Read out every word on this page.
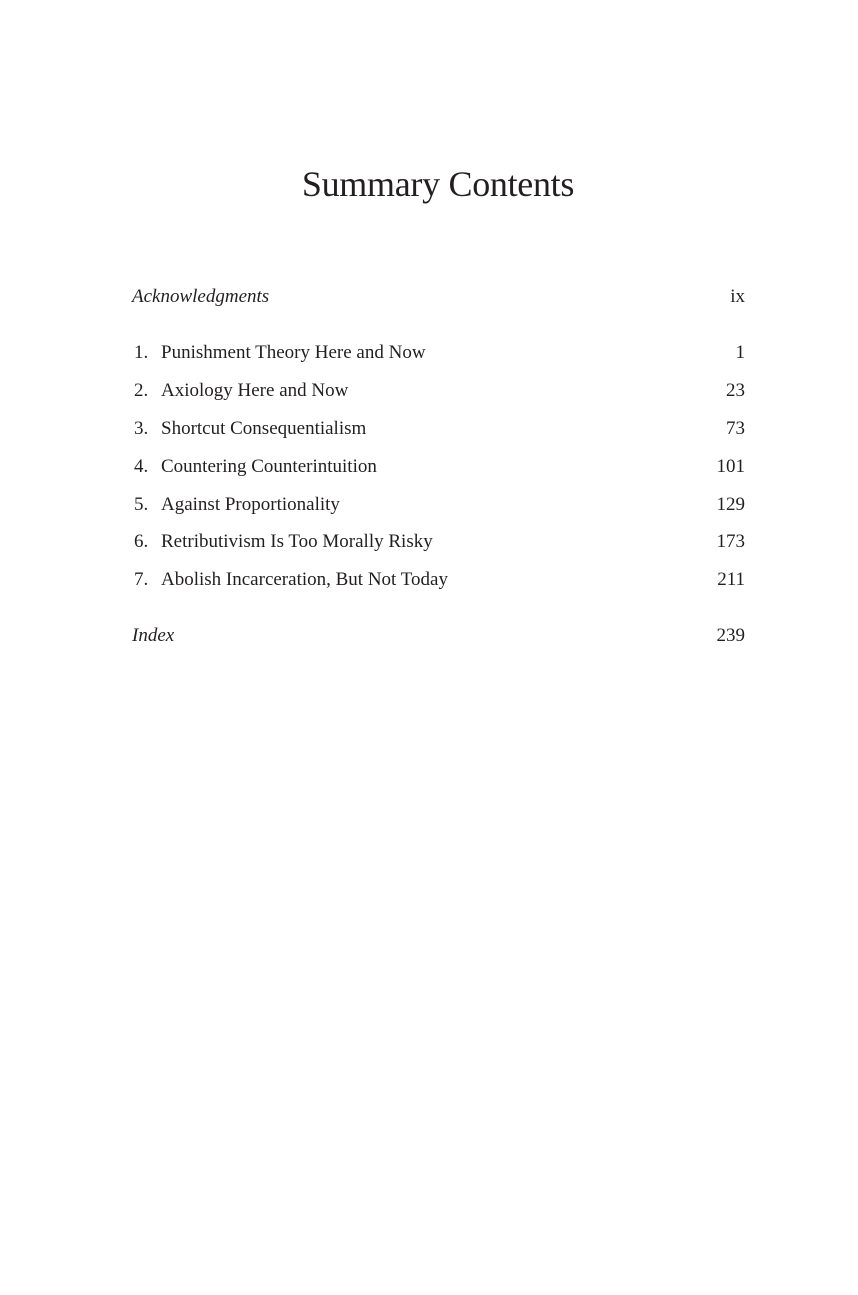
Summary Contents
Acknowledgments	ix
1. Punishment Theory Here and Now	1
2. Axiology Here and Now	23
3. Shortcut Consequentialism	73
4. Countering Counterintuition	101
5. Against Proportionality	129
6. Retributivism Is Too Morally Risky	173
7. Abolish Incarceration, But Not Today	211
Index	239
